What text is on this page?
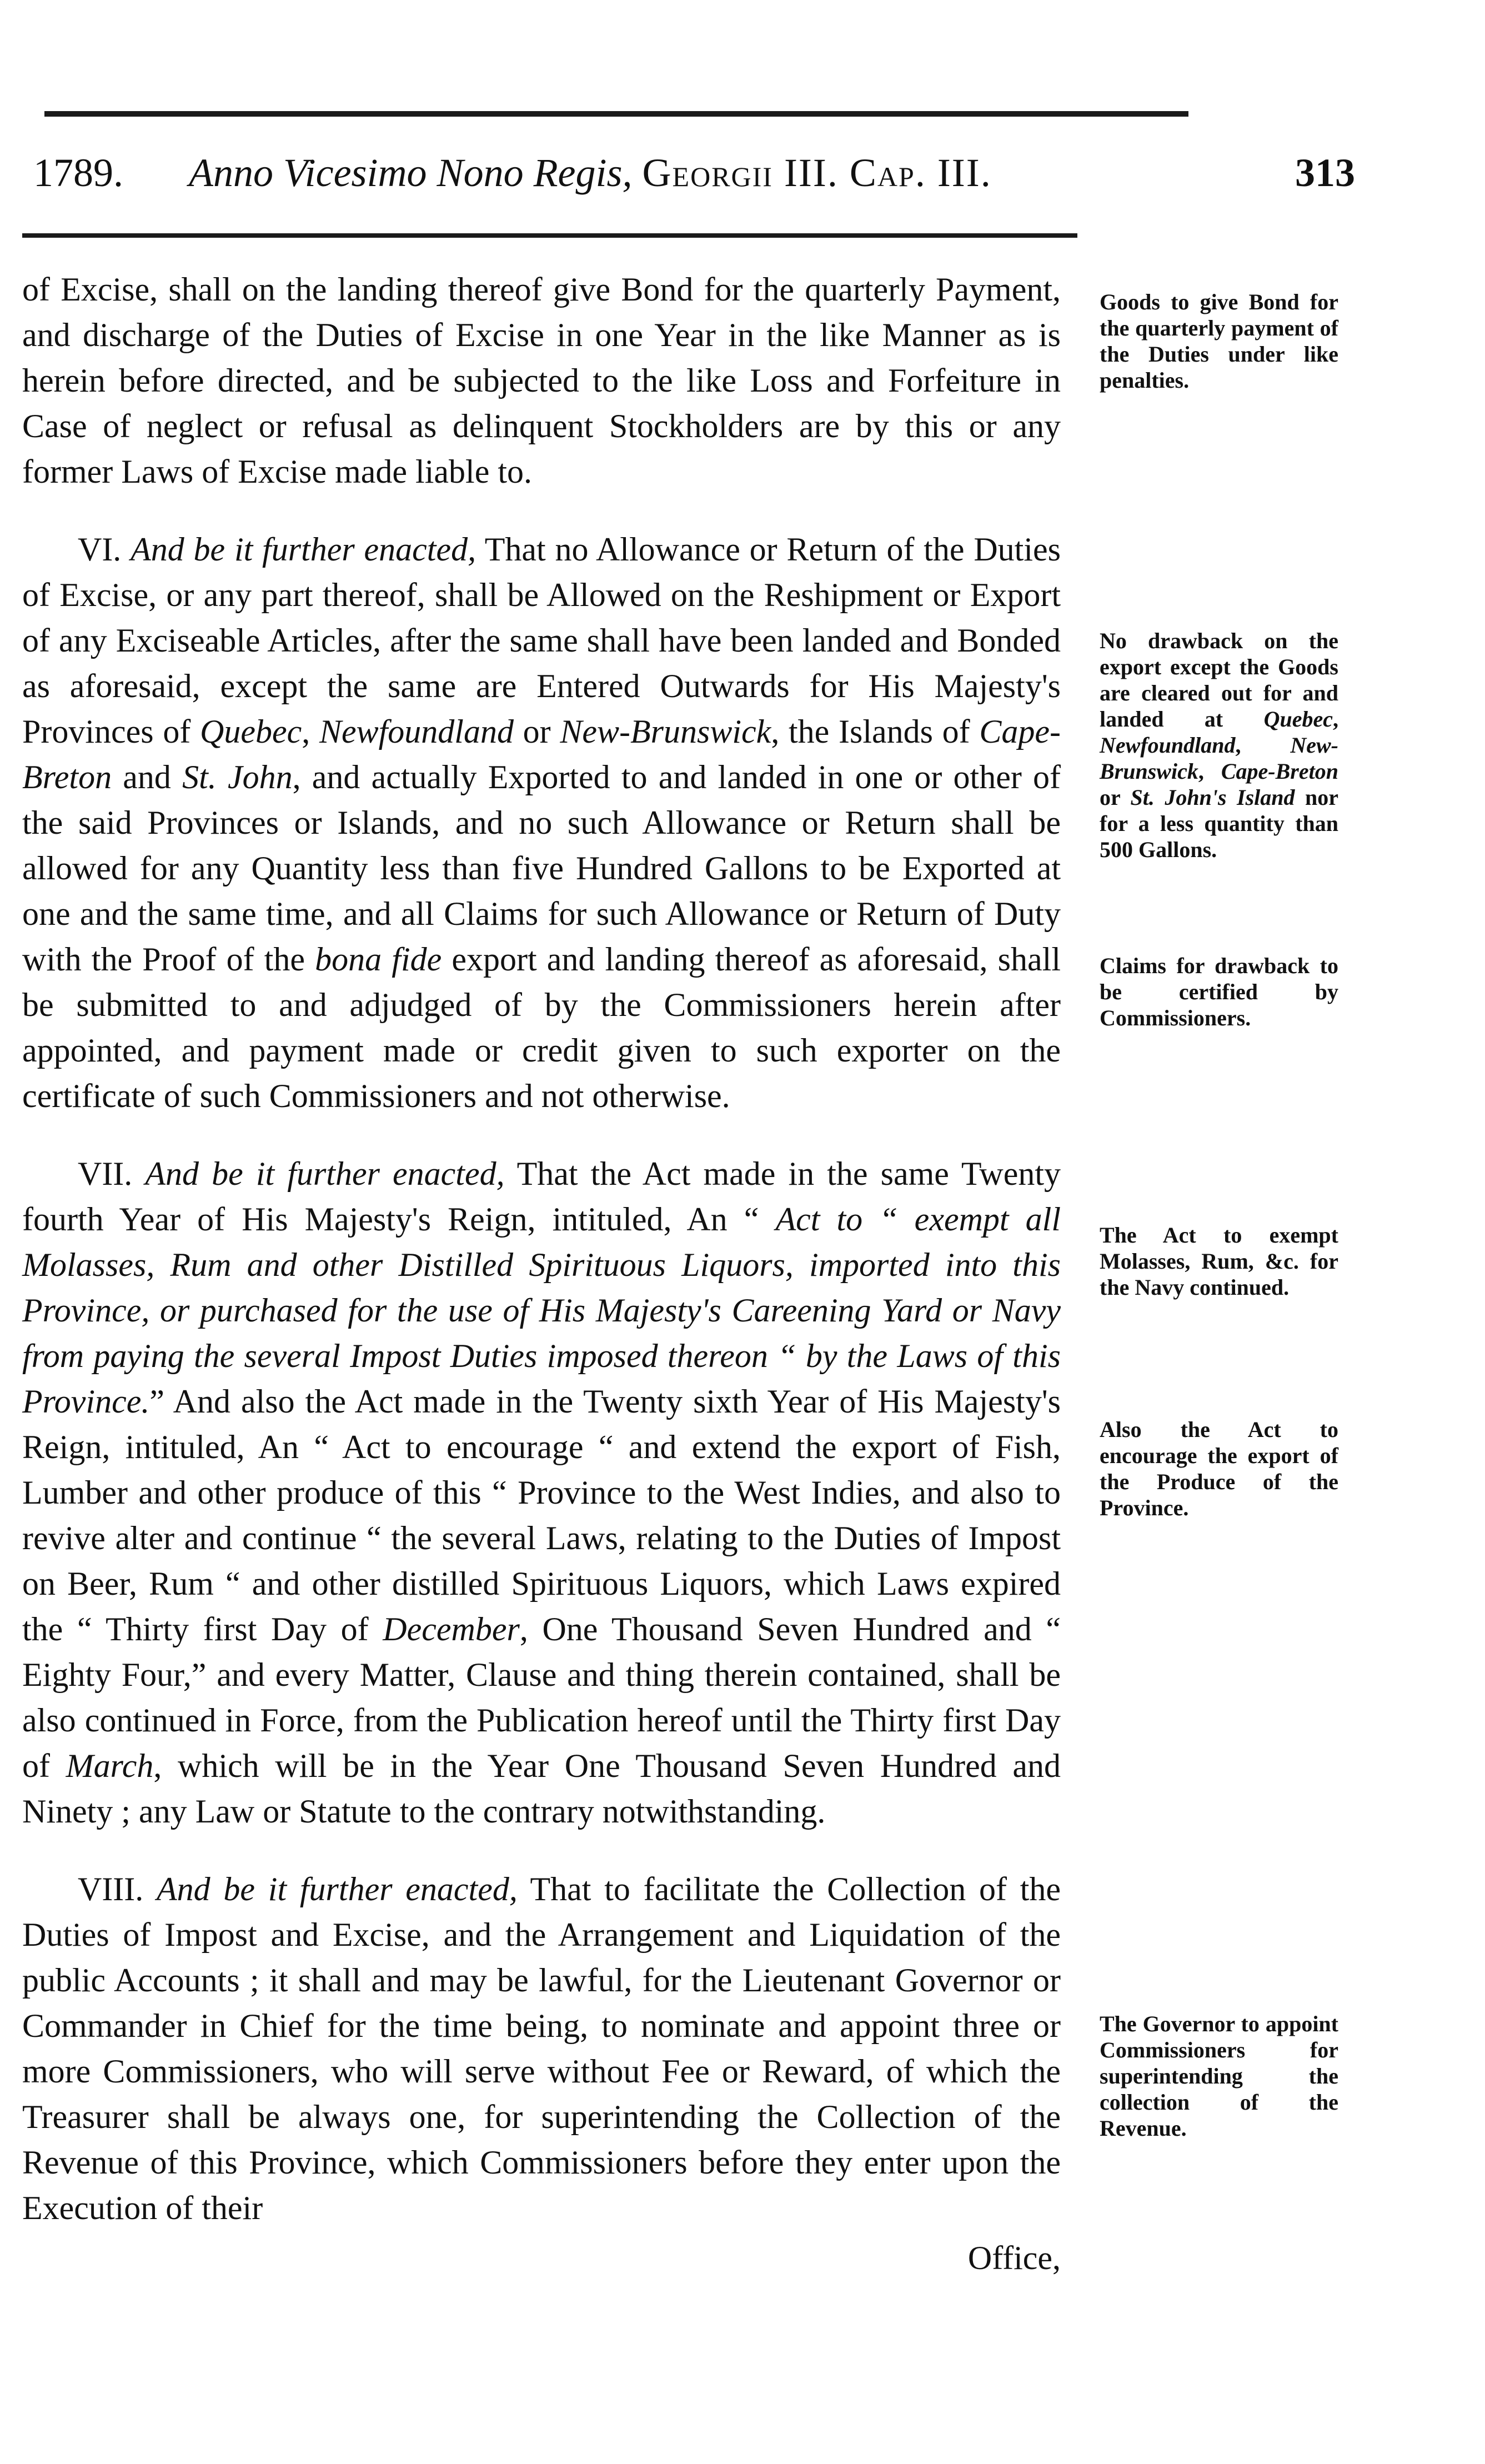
1789. Anno Vicesimo Nono Regis, Georgii III. Cap. III.	313

of Excise, shall on the landing thereof give Bond for the quarterly Payment, and discharge of the Duties of Excise in one Year in the like Manner as is herein before directed, and be subjected to the like Loss and Forfeiture in Case of neglect or refusal as delinquent Stockholders are by this or any former Laws of Excise made liable to.

VI. And be it further enacted, That no Allowance or Return of the Duties of Excise, or any part thereof, shall be Allowed on the Reshipment or Export of any Exciseable Articles, after the same shall have been landed and Bonded as aforesaid, except the same are Entered Outwards for His Majesty's Provinces of Quebec, Newfoundland or New-Brunswick, the Islands of Cape-Breton and St. John, and actually Exported to and landed in one or other of the said Provinces or Islands, and no such Allowance or Return shall be allowed for any Quantity less than five Hundred Gallons to be Exported at one and the same time, and all Claims for such Allowance or Return of Duty with the Proof of the bona fide export and landing thereof as aforesaid, shall be submitted to and adjudged of by the Commissioners herein after appointed, and payment made or credit given to such exporter on the certificate of such Commissioners and not otherwise.

VII. And be it further enacted, That the Act made in the same Twenty fourth Year of His Majesty's Reign, intituled, An “ Act to “ exempt all Molasses, Rum and other Distilled Spirituous Liquors, imported into this Province, or purchased for the use of His Majesty's Careening Yard or Navy from paying the several Impost Duties imposed thereon “ by the Laws of this Province.” And also the Act made in the Twenty sixth Year of His Majesty's Reign, intituled, An “ Act to encourage “ and extend the export of Fish, Lumber and other produce of this “ Province to the West Indies, and also to revive alter and continue “ the several Laws, relating to the Duties of Impost on Beer, Rum “ and other distilled Spirituous Liquors, which Laws expired the “ Thirty first Day of December, One Thousand Seven Hundred and “ Eighty Four,” and every Matter, Clause and thing therein contained, shall be also continued in Force, from the Publication hereof until the Thirty first Day of March, which will be in the Year One Thousand Seven Hundred and Ninety ; any Law or Statute to the contrary notwithstanding.

VIII. And be it further enacted, That to facilitate the Collection of the Duties of Impost and Excise, and the Arrangement and Liquidation of the public Accounts ; it shall and may be lawful, for the Lieutenant Governor or Commander in Chief for the time being, to nominate and appoint three or more Commissioners, who will serve without Fee or Reward, of which the Treasurer shall be always one, for superintending the Collection of the Revenue of this Province, which Commissioners before they enter upon the Execution of their

Office,

Goods to give Bond for the quarterly payment of the Duties under like penalties.
No drawback on the export except the Goods are cleared out for and landed at Quebec, Newfoundland, New-Brunswick, Cape-Breton or St. John's Island nor for a less quantity than 500 Gallons.
Claims for drawback to be certified by Commissioners.
The Act to exempt Molasses, Rum, &c. for the Navy continued.
Also the Act to encourage the export of the Produce of the Province.
The Governor to appoint Commissioners for superintending the collection of the Revenue.
